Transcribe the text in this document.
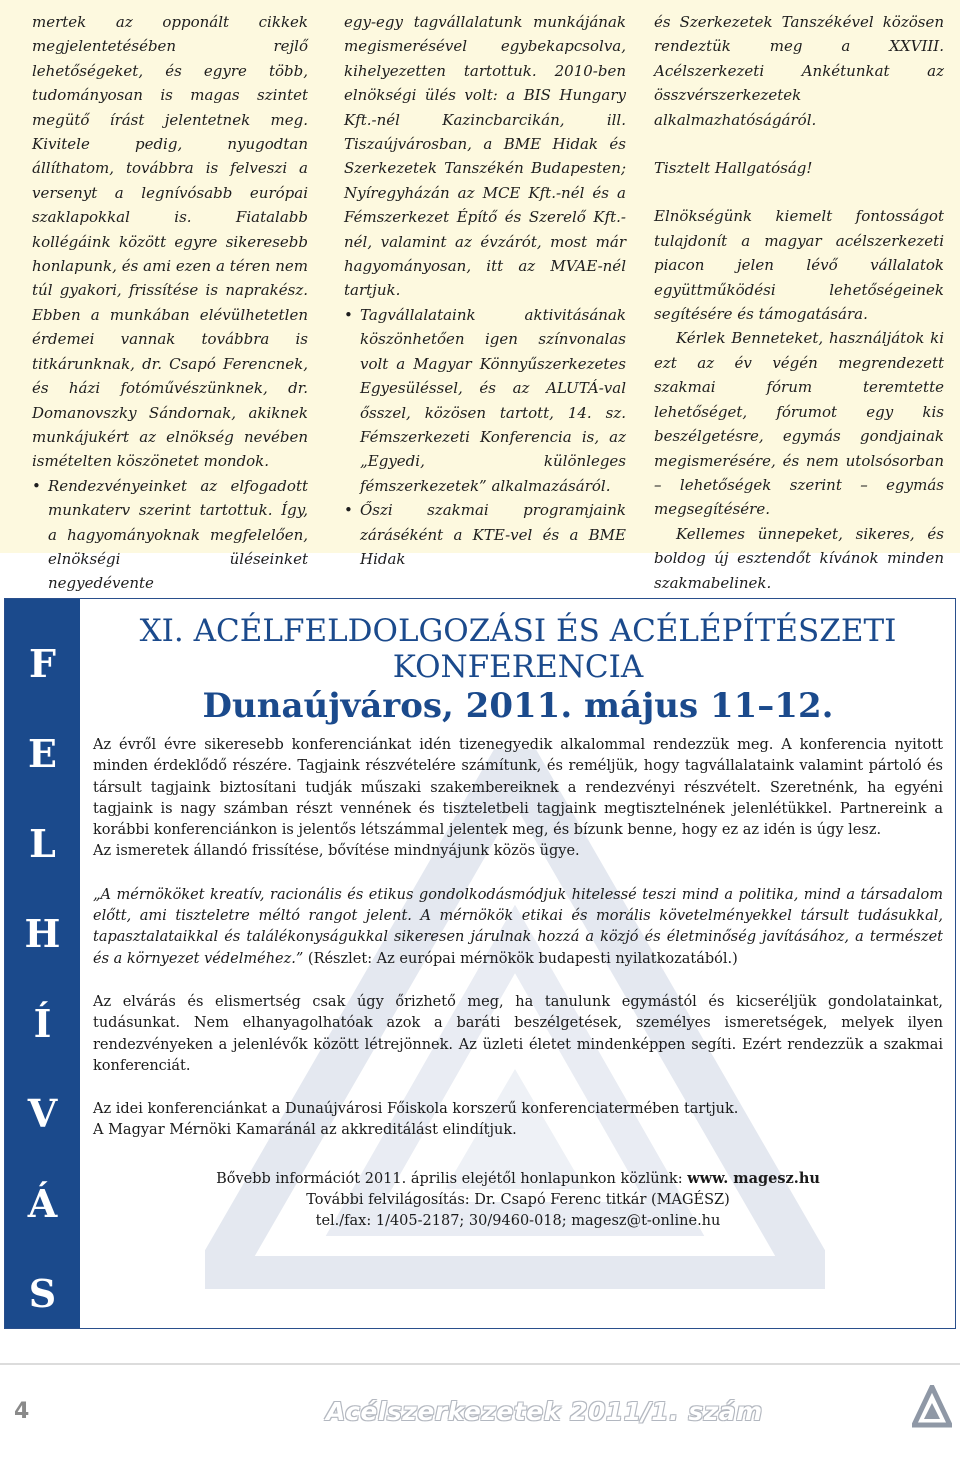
mertek az opponált cikkek megjelentetésében rejlő lehetőségeket, és egyre több, tudományosan is magas szintet megütő írást jelentetnek meg. Kivitele pedig, nyugodtan állíthatom, továbbra is felveszi a versenyt a legnívósabb európai szaklapokkal is. Fiatalabb kollégáink között egyre sikeresebb honlapunk, és ami ezen a téren nem túl gyakori, frissítése is naprakész. Ebben a munkában elévülhetetlen érdemei vannak továbbra is titkárunknak, dr. Csapó Ferencnek, és házi fotóművészünknek, dr. Domanovszky Sándornak, akiknek munkájukért az elnökség nevében ismételten köszönetet mondok.

• Rendezvényeinket az elfogadott munkaterv szerint tartottuk. Így, a hagyományoknak megfelelően, elnökségi üléseinket negyedévente

egy-egy tagvállalatunk munkájának megismerésével egybekapcsolva, kihelyezetten tartottuk. 2010-ben elnökségi ülés volt: a BIS Hungary Kft.-nél Kazincbarcikán, ill. Tiszaújvárosban, a BME Hidak és Szerkezetek Tanszékén Budapesten; Nyíregyházán az MCE Kft.-nél és a Fémszerkezet Építő és Szerelő Kft.-nél, valamint az évzárót, most már hagyományosan, itt az MVAE-nél tartjuk.

• Tagvállalataink aktivitásának köszönhetően igen színvonalas volt a Magyar Könnyűszerkezetes Egyesüléssel, és az ALUTÁ-val ősszel, közösen tartott, 14. sz. Fémszerkezeti Konferencia is, az „Egyedi, különleges fémszerkezetek” alkalmazásáról.

• Őszi szakmai programjaink záráséként a KTE-vel és a BME Hidak

és Szerkezetek Tanszékével közösen rendeztük meg a XXVIII. Acélszerkezeti Ankétunkat az összvérszerkezetek alkalmazhatóságáról.

Tisztelt Hallgatóság!

Elnökségünk kiemelt fontosságot tulajdonít a magyar acélszerkezeti piacon jelen lévő vállalatok együttműködési lehetőségeinek segítésére és támogatására.

Kérlek Benneteket, használjátok ki ezt az év végén megrendezett szakmai fórum teremtette lehetőséget, fórumot egy kis beszélgetésre, egymás gondjainak megismerésére, és nem utolsósorban – lehetőségek szerint – egymás megsegítésére.

Kellemes ünnepeket, sikeres, és boldog új esztendőt kívánok minden szakmabelinek.

F
E
L
H
Í
V
Á
S

XI. ACÉLFELDOLGOZÁSI ÉS ACÉLÉPÍTÉSZETI

KONFERENCIA

Dunaújváros, 2011. május 11–12.

Az évről évre sikeresebb konferenciánkat idén tizenegyedik alkalommal rendezzük meg. A konferencia nyitott minden érdeklődő részére. Tagjaink részvételére számítunk, és reméljük, hogy tagvállalataink valamint pártoló és társult tagjaink biztosítani tudják műszaki szakembereiknek a rendezvényi részvételt. Szeretnénk, ha egyéni tagjaink is nagy számban részt vennének és tiszteletbeli tagjaink megtisztelnének jelenlétükkel. Partnereink a korábbi konferenciánkon is jelentős létszámmal jelentek meg, és bízunk benne, hogy ez az idén is úgy lesz.

Az ismeretek állandó frissítése, bővítése mindnyájunk közös ügye.

„A mérnököket kreatív, racionális és etikus gondolkodásmódjuk hitelessé teszi mind a politika, mind a társadalom előtt, ami tiszteletre méltó rangot jelent. A mérnökök etikai és morális követelményekkel társult tudásukkal, tapasztalataikkal és találékonyságukkal sikeresen járulnak hozzá a közjó és életminőség javításához, a természet és a környezet védelméhez.” (Részlet: Az európai mérnökök budapesti nyilatkozatából.)

Az elvárás és elismertség csak úgy őrizhető meg, ha tanulunk egymástól és kicseréljük gondolatainkat, tudásunkat. Nem elhanyagolhatóak azok a baráti beszélgetések, személyes ismeretségek, melyek ilyen rendezvényeken a jelenlévők között létrejönnek. Az üzleti életet mindenképpen segíti. Ezért rendezzük a szakmai konferenciát.

Az idei konferenciánkat a Dunaújvárosi Főiskola korszerű konferenciatermében tartjuk.

A Magyar Mérnöki Kamaránál az akkreditálást elindítjuk.

Bővebb információt 2011. április elejétől honlapunkon közlünk: www. magesz.hu

További felvilágosítás: Dr. Csapó Ferenc titkár (MAGÉSZ)

tel./fax: 1/405-2187; 30/9460-018; magesz@t-online.hu

4	Acélszerkezetek 2011/1. szám
